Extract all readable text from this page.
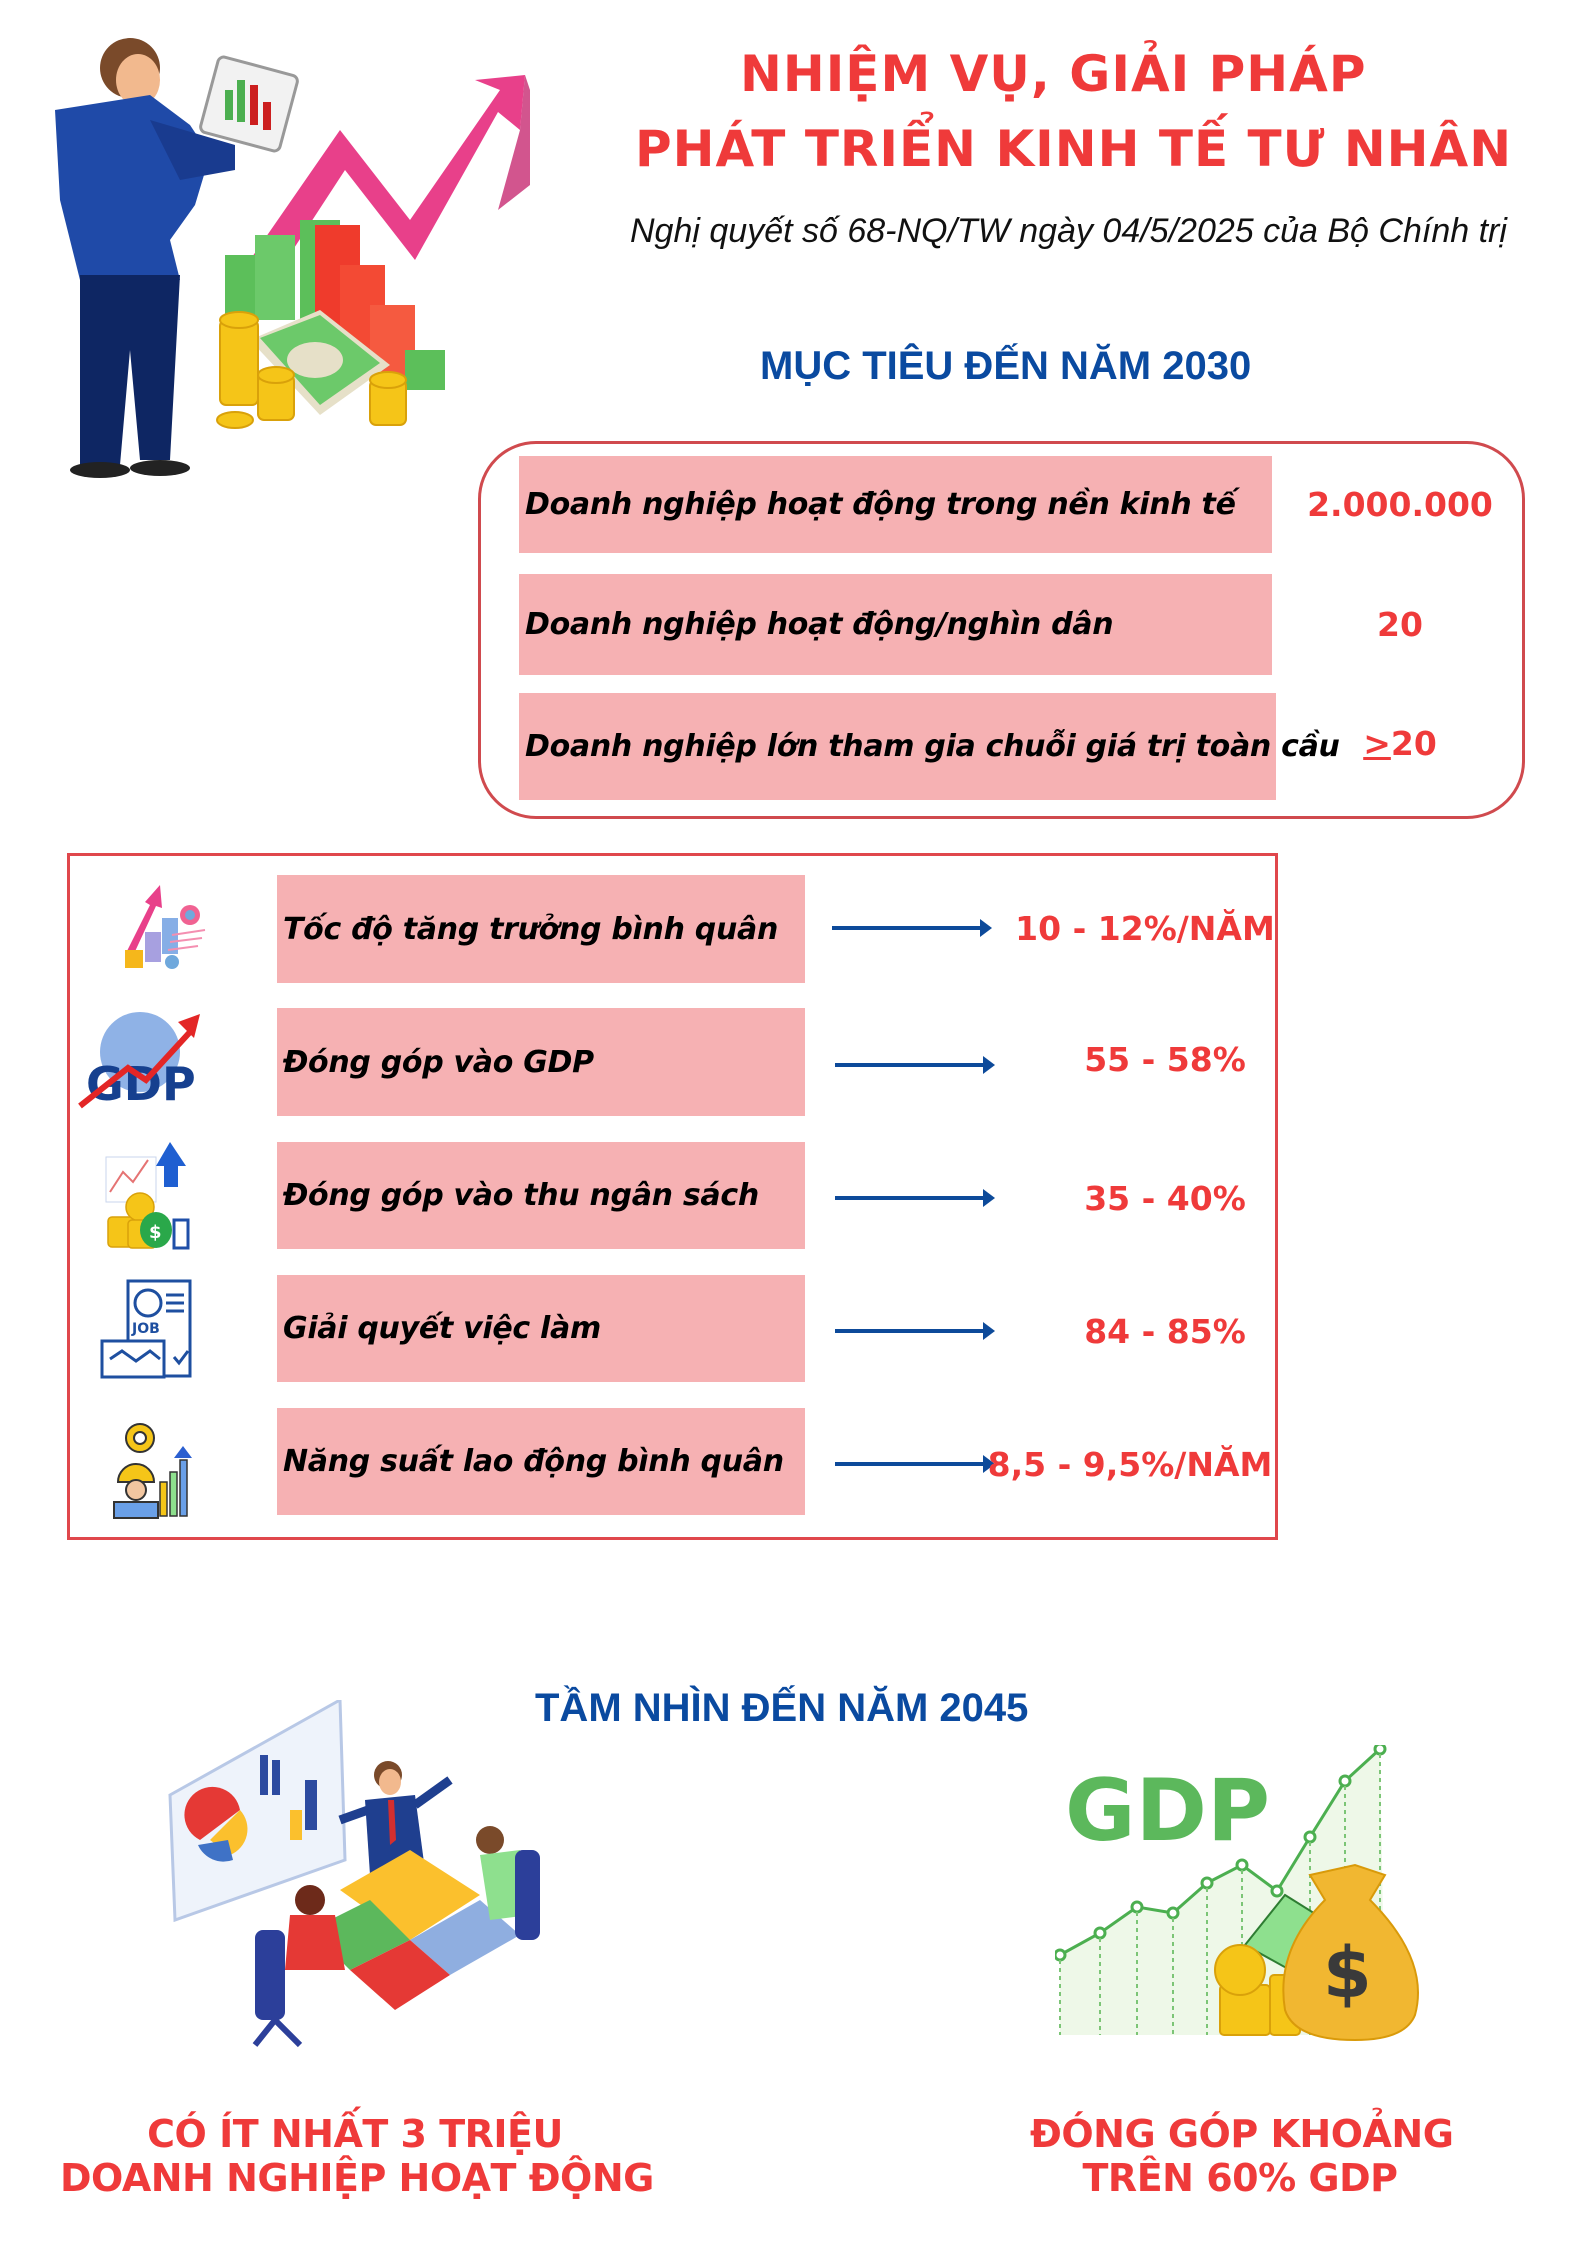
NHIỆM VỤ, GIẢI PHÁP
PHÁT TRIỂN KINH TẾ TƯ NHÂN
Nghị quyết số 68-NQ/TW ngày 04/5/2025 của Bộ Chính trị
MỤC TIÊU ĐẾN NĂM 2030
Doanh nghiệp hoạt động trong nền kinh tế	2.000.000
Doanh nghiệp hoạt động/nghìn dân	20
Doanh nghiệp lớn tham gia chuỗi giá trị toàn cầu ≥20
GDP
$
JOB
Tốc độ tăng trưởng bình quân	10 - 12%/NĂM
Đóng góp vào GDP	55 - 58%
Đóng góp vào thu ngân sách	35 - 40%
Giải quyết việc làm	84 - 85%
Năng suất lao động bình quân	8,5 - 9,5%/NĂM
TẦM NHÌN ĐẾN NĂM 2045
GDP
$
CÓ ÍT NHẤT 3 TRIỆU
DOANH NGHIỆP HOẠT ĐỘNG
ĐÓNG GÓP KHOẢNG
TRÊN 60% GDP
